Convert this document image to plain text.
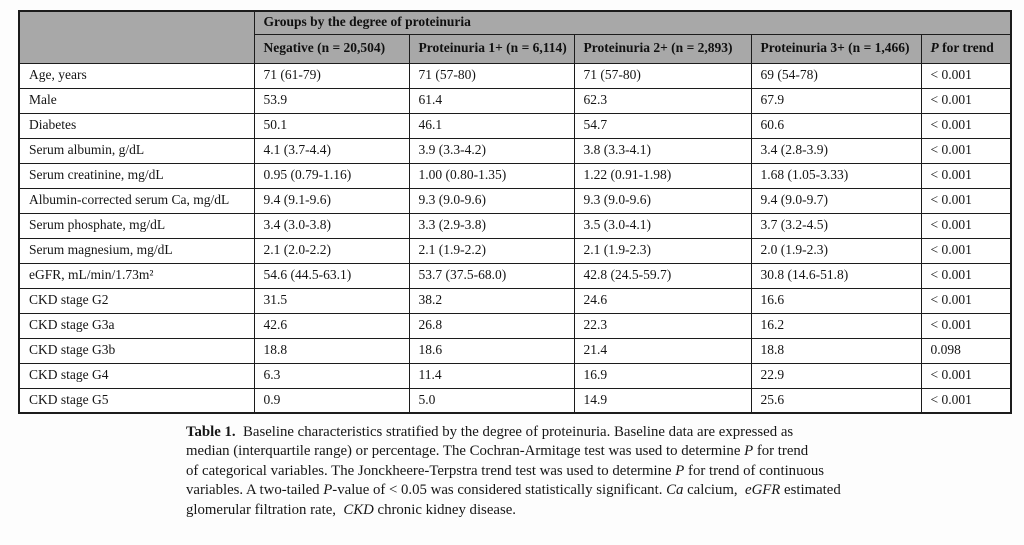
	Groups by the degree of proteinuria				
	Negative (n = 20,504)	Proteinuria 1+ (n = 6,114)	Proteinuria 2+ (n = 2,893)	Proteinuria 3+ (n = 1,466)	P for trend
Age, years	71 (61-79)	71 (57-80)	71 (57-80)	69 (54-78)	< 0.001
Male	53.9	61.4	62.3	67.9	< 0.001
Diabetes	50.1	46.1	54.7	60.6	< 0.001
Serum albumin, g/dL	4.1 (3.7-4.4)	3.9 (3.3-4.2)	3.8 (3.3-4.1)	3.4 (2.8-3.9)	< 0.001
Serum creatinine, mg/dL	0.95 (0.79-1.16)	1.00 (0.80-1.35)	1.22 (0.91-1.98)	1.68 (1.05-3.33)	< 0.001
Albumin-corrected serum Ca, mg/dL	9.4 (9.1-9.6)	9.3 (9.0-9.6)	9.3 (9.0-9.6)	9.4 (9.0-9.7)	< 0.001
Serum phosphate, mg/dL	3.4 (3.0-3.8)	3.3 (2.9-3.8)	3.5 (3.0-4.1)	3.7 (3.2-4.5)	< 0.001
Serum magnesium, mg/dL	2.1 (2.0-2.2)	2.1 (1.9-2.2)	2.1 (1.9-2.3)	2.0 (1.9-2.3)	< 0.001
eGFR, mL/min/1.73m²	54.6 (44.5-63.1)	53.7 (37.5-68.0)	42.8 (24.5-59.7)	30.8 (14.6-51.8)	< 0.001
CKD stage G2	31.5	38.2	24.6	16.6	< 0.001
CKD stage G3a	42.6	26.8	22.3	16.2	< 0.001
CKD stage G3b	18.8	18.6	21.4	18.8	0.098
CKD stage G4	6.3	11.4	16.9	22.9	< 0.001
CKD stage G5	0.9	5.0	14.9	25.6	< 0.001
Table 1.  Baseline characteristics stratified by the degree of proteinuria. Baseline data are expressed as
median (interquartile range) or percentage. The Cochran-Armitage test was used to determine P for trend
of categorical variables. The Jonckheere-Terpstra trend test was used to determine P for trend of continuous
variables. A two-tailed P-value of < 0.05 was considered statistically significant. Ca calcium,  eGFR estimated
glomerular filtration rate,  CKD chronic kidney disease.
